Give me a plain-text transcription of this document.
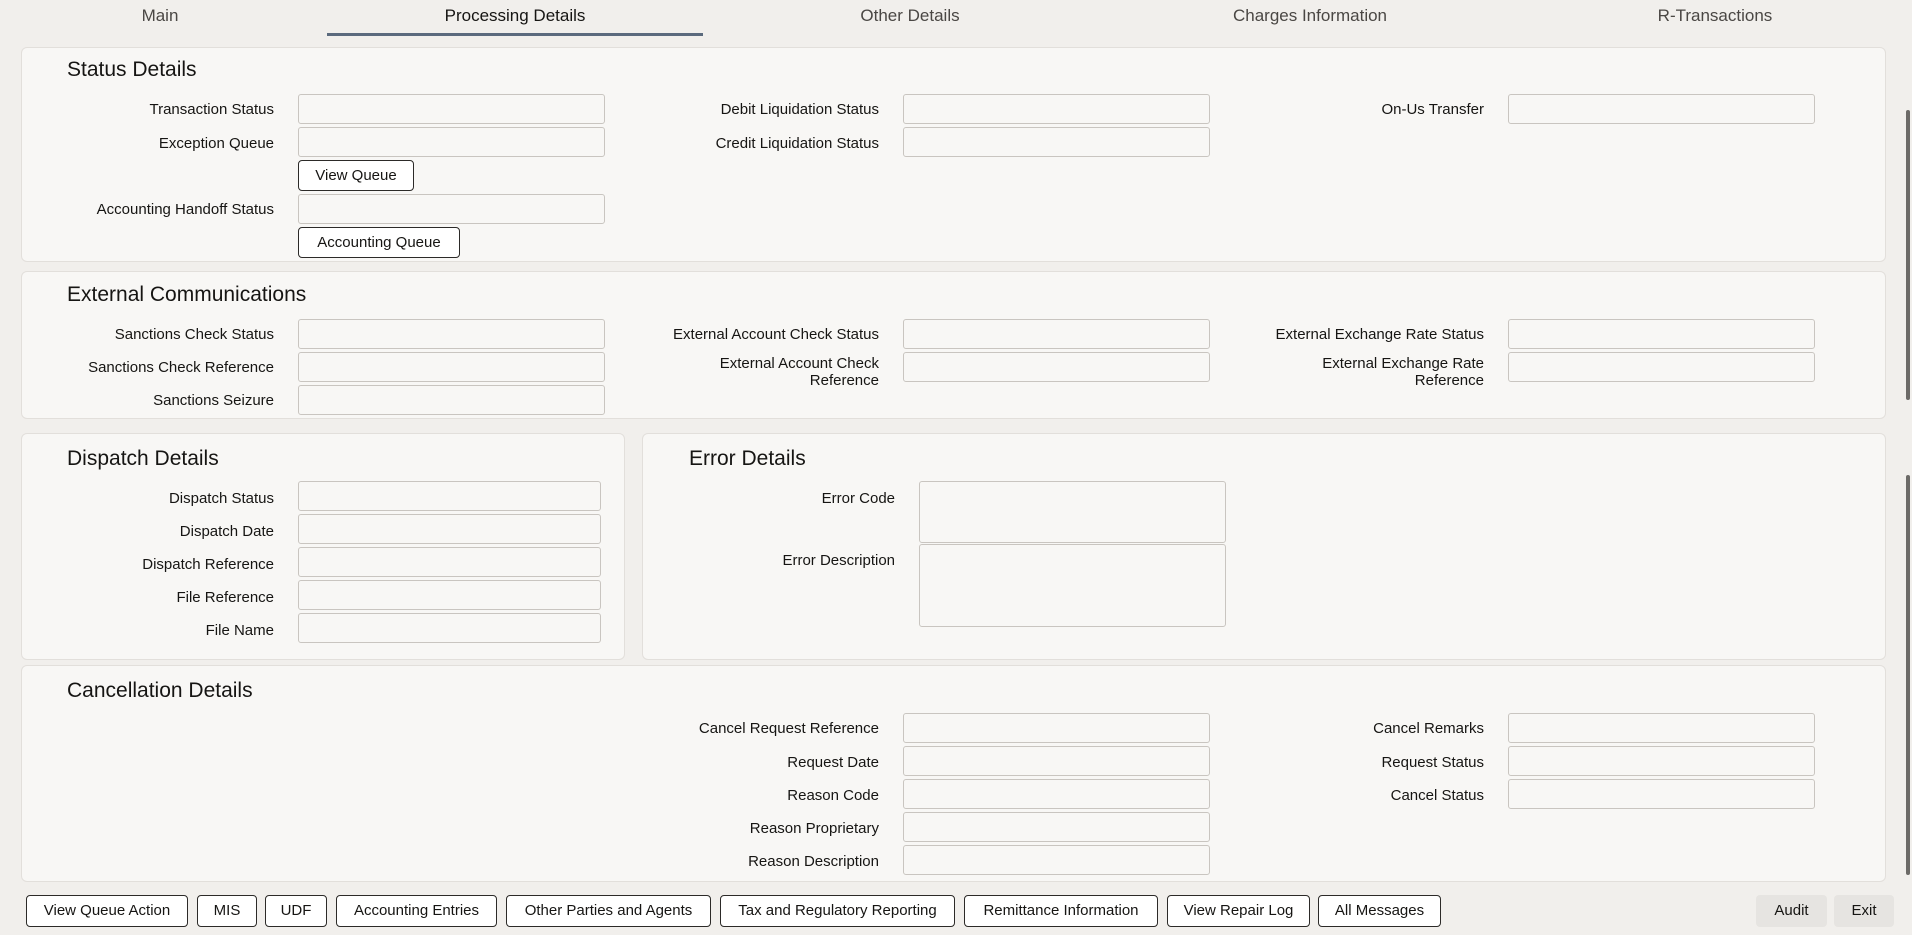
Main	Processing Details	Other Details	Charges Information	R-Transactions
Status Details
Transaction Status
Exception Queue
View Queue
Accounting Handoff Status
Accounting Queue
Debit Liquidation Status
Credit Liquidation Status
On-Us Transfer
External Communications
Sanctions Check Status
Sanctions Check Reference
Sanctions Seizure
External Account Check Status
External Account Check
Reference
External Exchange Rate Status
External Exchange Rate
Reference
Dispatch Details
Dispatch Status
Dispatch Date
Dispatch Reference
File Reference
File Name
Error Details
Error Code
Error Description
Cancellation Details
Cancel Request Reference
Request Date
Reason Code
Reason Proprietary
Reason Description
Cancel Remarks
Request Status
Cancel Status
View Queue Action	MIS	UDF	Accounting Entries	Other Parties and Agents	Tax and Regulatory Reporting	Remittance Information	View Repair Log	All Messages	Audit	Exit
